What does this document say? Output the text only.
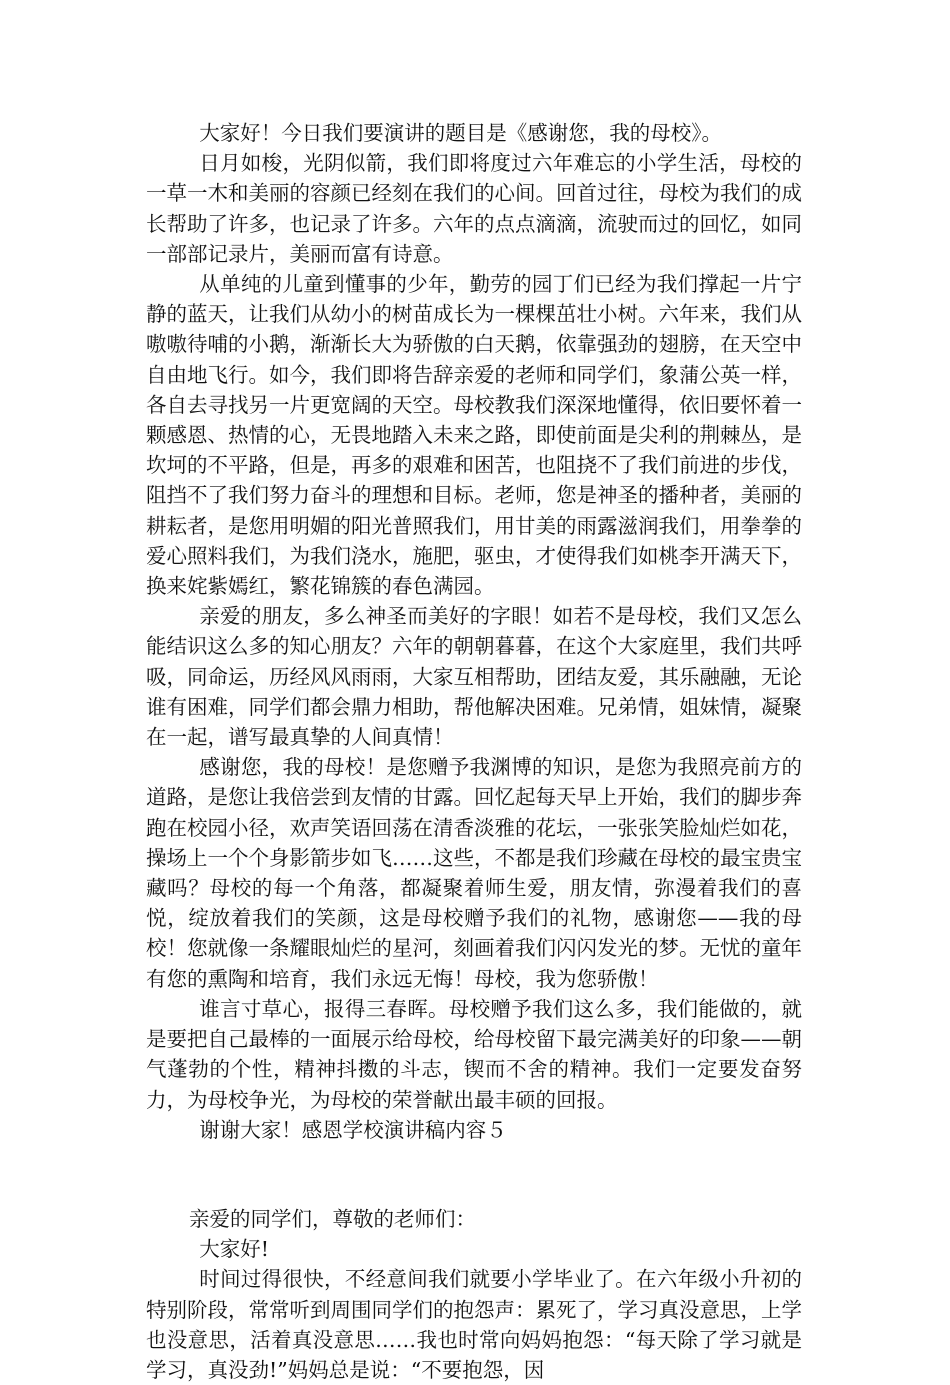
大家好！今日我们要演讲的题目是《感谢您，我的母校》。

日月如梭，光阴似箭，我们即将度过六年难忘的小学生活，母校的一草一木和美丽的容颜已经刻在我们的心间。回首过往，母校为我们的成长帮助了许多，也记录了许多。六年的点点滴滴，流驶而过的回忆，如同一部部记录片，美丽而富有诗意。

从单纯的儿童到懂事的少年，勤劳的园丁们已经为我们撑起一片宁静的蓝天，让我们从幼小的树苗成长为一棵棵茁壮小树。六年来，我们从嗷嗷待哺的小鹅，渐渐长大为骄傲的白天鹅，依靠强劲的翅膀，在天空中自由地飞行。如今，我们即将告辞亲爱的老师和同学们，象蒲公英一样，各自去寻找另一片更宽阔的天空。母校教我们深深地懂得，依旧要怀着一颗感恩、热情的心，无畏地踏入未来之路，即使前面是尖利的荆棘丛，是坎坷的不平路，但是，再多的艰难和困苦，也阻挠不了我们前进的步伐，阻挡不了我们努力奋斗的理想和目标。老师，您是神圣的播种者，美丽的耕耘者，是您用明媚的阳光普照我们，用甘美的雨露滋润我们，用拳拳的爱心照料我们，为我们浇水，施肥，驱虫，才使得我们如桃李开满天下，换来姹紫嫣红，繁花锦簇的春色满园。

亲爱的朋友，多么神圣而美好的字眼！如若不是母校，我们又怎么能结识这么多的知心朋友？六年的朝朝暮暮，在这个大家庭里，我们共呼吸，同命运，历经风风雨雨，大家互相帮助，团结友爱，其乐融融，无论谁有困难，同学们都会鼎力相助，帮他解决困难。兄弟情，姐妹情，凝聚在一起，谱写最真挚的人间真情！

感谢您，我的母校！是您赠予我渊博的知识，是您为我照亮前方的道路，是您让我倍尝到友情的甘露。回忆起每天早上开始，我们的脚步奔跑在校园小径，欢声笑语回荡在清香淡雅的花坛，一张张笑脸灿烂如花，操场上一个个身影箭步如飞……这些，不都是我们珍藏在母校的最宝贵宝藏吗？母校的每一个角落，都凝聚着师生爱，朋友情，弥漫着我们的喜悦，绽放着我们的笑颜，这是母校赠予我们的礼物，感谢您——我的母校！您就像一条耀眼灿烂的星河，刻画着我们闪闪发光的梦。无忧的童年有您的熏陶和培育，我们永远无悔！母校，我为您骄傲！

谁言寸草心，报得三春晖。母校赠予我们这么多，我们能做的，就是要把自己最棒的一面展示给母校，给母校留下最完满美好的印象——朝气蓬勃的个性，精神抖擞的斗志，锲而不舍的精神。我们一定要发奋努力，为母校争光，为母校的荣誉献出最丰硕的回报。

谢谢大家！感恩学校演讲稿内容５

亲爱的同学们，尊敬的老师们：

大家好!

时间过得很快，不经意间我们就要小学毕业了。在六年级小升初的特别阶段，常常听到周围同学们的抱怨声：累死了，学习真没意思，上学也没意思，活着真没意思……我也时常向妈妈抱怨：“每天除了学习就是学习，真没劲!”妈妈总是说：“不要抱怨，因
